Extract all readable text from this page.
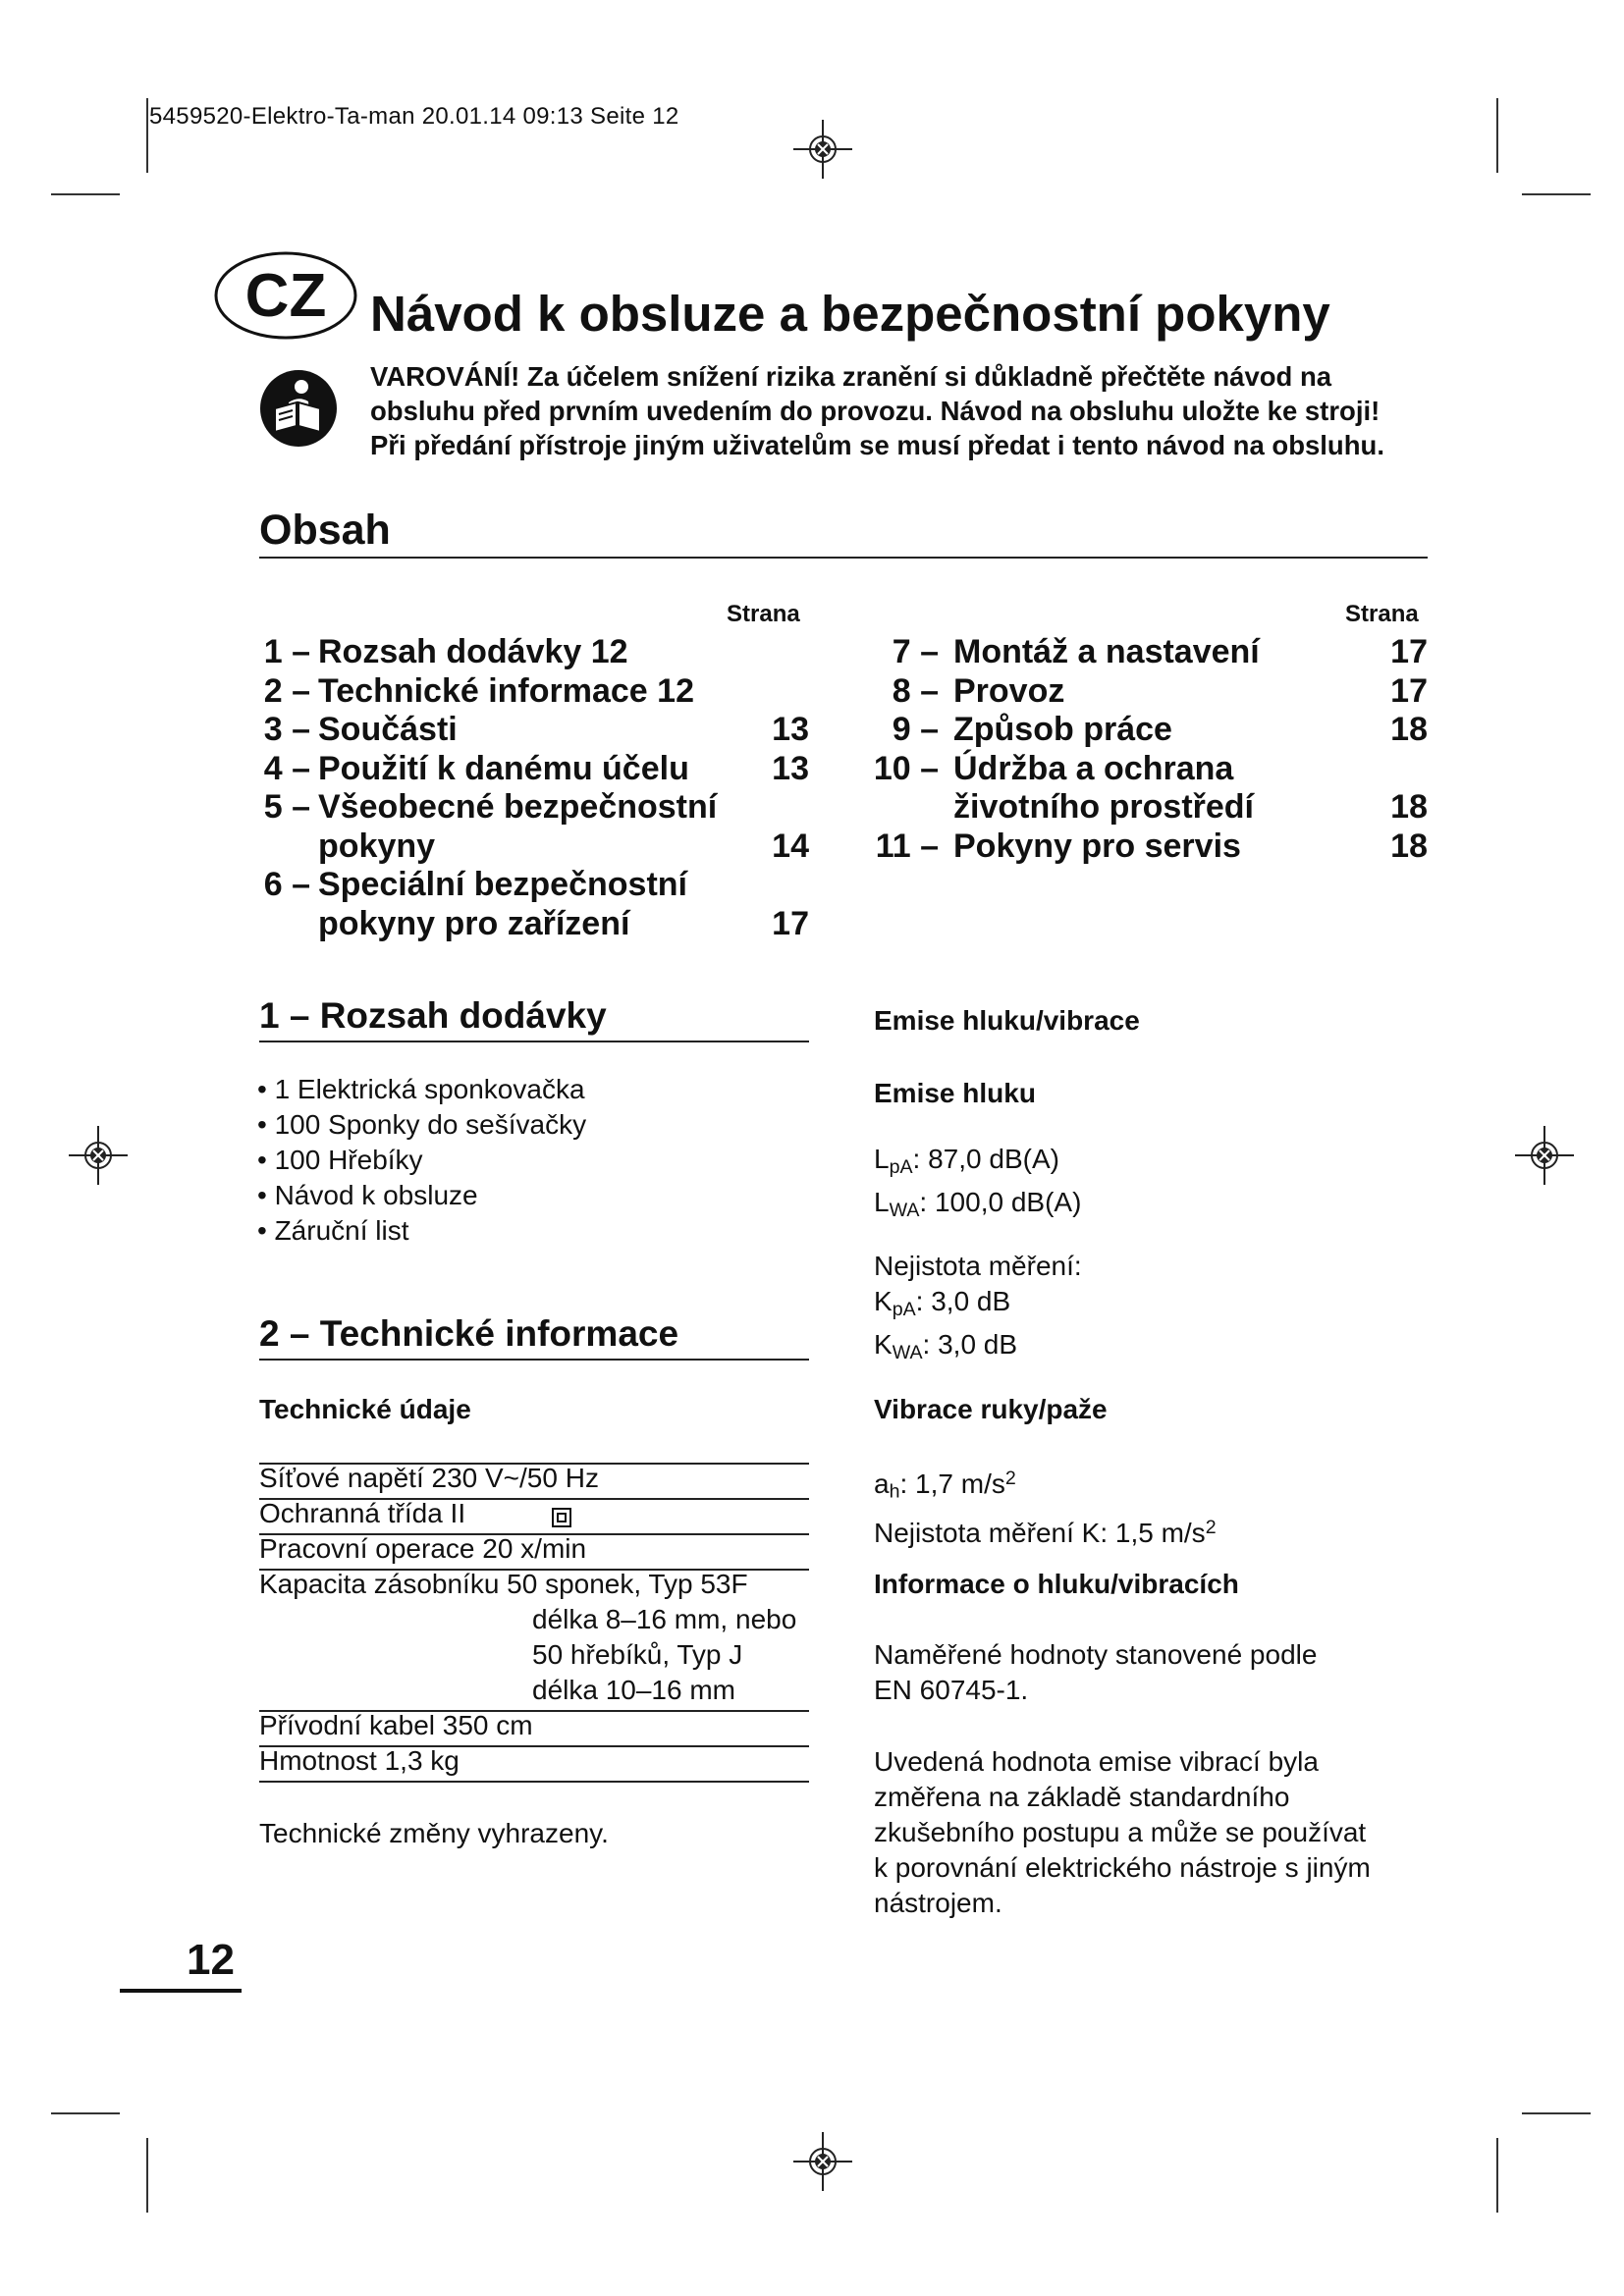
5459520-Elektro-Ta-man 20.01.14 09:13 Seite 12
CZ Návod k obsluze a bezpečnostní pokyny
VAROVÁNÍ! Za účelem snížení rizika zranění si důkladně přečtěte návod na
obsluhu před prvním uvedením do provozu. Návod na obsluhu uložte ke stroji!
Při předání přístroje jiným uživatelům se musí předat i tento návod na obsluhu.
Obsah
Strana	Strana
1 – Rozsah dodávky 12
2 – Technické informace 12
3 – Součásti	13
4 – Použití k danému účelu	13
5 – Všeobecné bezpečnostní
pokyny	14
6 – Speciální bezpečnostní
pokyny pro zařízení	17
7 – Montáž a nastavení	17
8 – Provoz	17
9 – Způsob práce	18
10 – Údržba a ochrana
životního prostředí	18
11 – Pokyny pro servis	18
1 – Rozsah dodávky
• 1 Elektrická sponkovačka
• 100 Sponky do sešívačky
• 100 Hřebíky
• Návod k obsluze
• Záruční list
2 – Technické informace
Technické údaje
Síťové napětí 230 V~/50 Hz
Ochranná třída II
Pracovní operace 20 x/min
Kapacita zásobníku 50 sponek, Typ 53F
délka 8–16 mm, nebo
50 hřebíků, Typ J
délka 10–16 mm
Přívodní kabel 350 cm
Hmotnost 1,3 kg
Technické změny vyhrazeny.
Emise hluku/vibrace
Emise hluku
$L_{pA}$: 87,0 dB(A)
$L_{WA}$: 100,0 dB(A)
Nejistota měření:
$K_{pA}$: 3,0 dB
$K_{WA}$: 3,0 dB
Vibrace ruky/paže
$a_h$: 1,7 $m/s^2$
Nejistota měření K: 1,5 $m/s^2$
Informace o hluku/vibracích
Naměřené hodnoty stanovené podle
EN 60745-1.
Uvedená hodnota emise vibrací byla
změřena na základě standardního
zkušebního postupu a může se používat
k porovnání elektrického nástroje s jiným
nástrojem.
12
